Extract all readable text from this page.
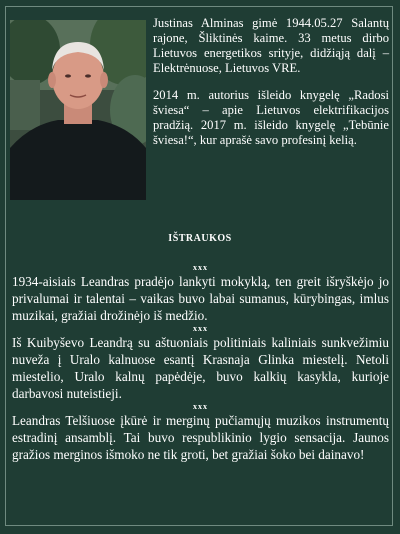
Justinas Alminas gimė 1944.05.27 Salantų rajone, Šliktinės kaime. 33 metus dirbo Lietuvos energetikos srityje, didžiąją dalį – Elektrėnuose, Lietuvos VRE.

2014 m. autorius išleido knygelę „Radosi šviesa“ – apie Lietuvos elektrifikacijos pradžią. 2017 m. išleido knygelę „Tebūnie šviesa!“, kur aprašė savo profesinį kelią.

IŠTRAUKOS

xxx

1934-aisiais Leandras pradėjo lankyti mokyklą, ten greit išryškėjo jo privalumai ir talentai – vaikas buvo labai sumanus, kūrybingas, imlus muzikai, gražiai drožinėjo iš medžio.

xxx

Iš Kuibyševo Leandrą su aštuoniais politiniais kaliniais sunkvežimiu nuveža į Uralo kalnuose esantį Krasnaja Glinka miestelį. Netoli miestelio, Uralo kalnų papėdėje, buvo kalkių kasykla, kurioje darbavosi nuteistieji.

xxx

Leandras Telšiuose įkūrė ir merginų pučiamųjų muzikos instrumentų estradinį ansamblį. Tai buvo respublikinio lygio sensacija. Jaunos gražios merginos išmoko ne tik groti, bet gražiai šoko bei dainavo!
